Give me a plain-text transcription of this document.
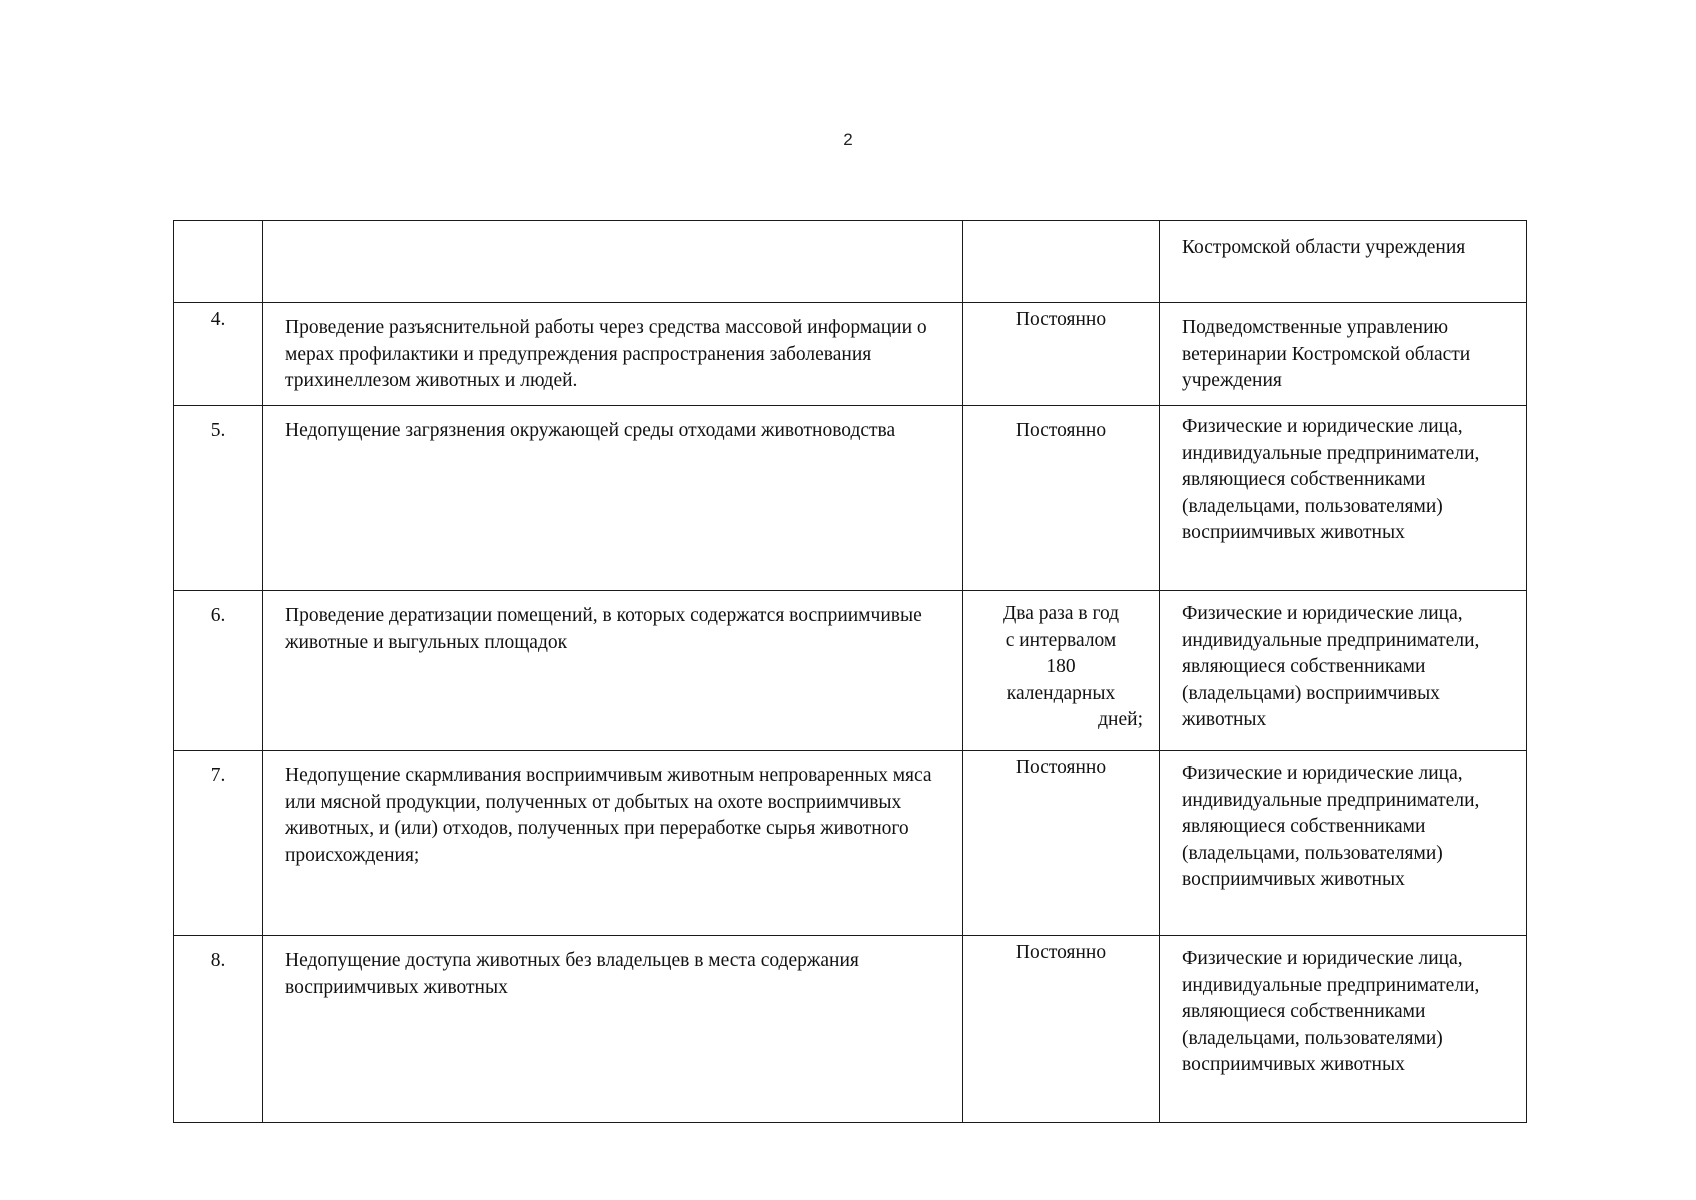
2
			Костромской области учреждения
4.	Проведение разъяснительной работы через средства массовой информации о мерах профилактики и предупреждения распространения заболевания трихинеллезом животных и людей.	Постоянно	Подведомственные управлению ветеринарии Костромской области учреждения
5.	Недопущение загрязнения окружающей среды отходами животноводства	Постоянно	Физические и юридические лица, индивидуальные предприниматели, являющиеся собственниками (владельцами, пользователями) восприимчивых животных
6.	Проведение дератизации помещений, в которых содержатся восприимчивые животные и выгульных площадок	Два раза в год
с интервалом
180
календарных

дней;	Физические и юридические лица, индивидуальные предприниматели, являющиеся собственниками (владельцами) восприимчивых животных
7.	Недопущение скармливания восприимчивым животным непроваренных мяса или мясной продукции, полученных от добытых на охоте восприимчивых животных, и (или) отходов, полученных при переработке сырья животного происхождения;	Постоянно	Физические и юридические лица, индивидуальные предприниматели, являющиеся собственниками (владельцами, пользователями) восприимчивых животных
8.	Недопущение доступа животных без владельцев в места содержания восприимчивых животных	Постоянно	Физические и юридические лица, индивидуальные предприниматели, являющиеся собственниками (владельцами, пользователями) восприимчивых животных
